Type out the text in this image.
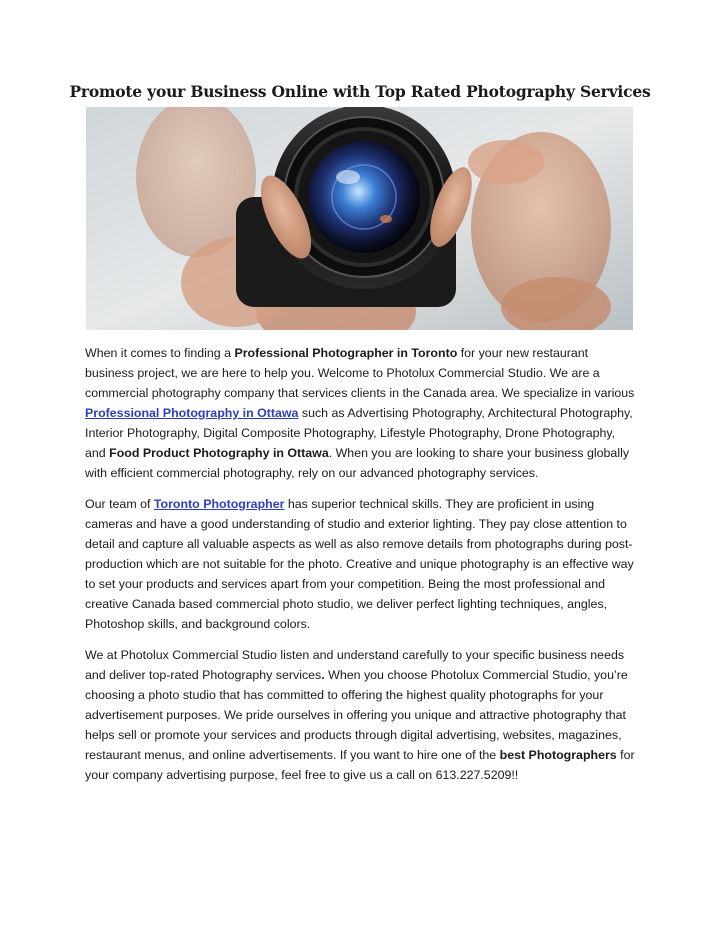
Promote your Business Online with Top Rated Photography Services

When it comes to finding a Professional Photographer in Toronto for your new restaurant business project, we are here to help you. Welcome to Photolux Commercial Studio. We are a commercial photography company that services clients in the Canada area. We specialize in various Professional Photography in Ottawa such as Advertising Photography, Architectural Photography, Interior Photography, Digital Composite Photography, Lifestyle Photography, Drone Photography, and Food Product Photography in Ottawa. When you are looking to share your business globally with efficient commercial photography, rely on our advanced photography services.

Our team of Toronto Photographer has superior technical skills. They are proficient in using cameras and have a good understanding of studio and exterior lighting. They pay close attention to detail and capture all valuable aspects as well as also remove details from photographs during post-production which are not suitable for the photo. Creative and unique photography is an effective way to set your products and services apart from your competition. Being the most professional and creative Canada based commercial photo studio, we deliver perfect lighting techniques, angles, Photoshop skills, and background colors.

We at Photolux Commercial Studio listen and understand carefully to your specific business needs and deliver top-rated Photography services. When you choose Photolux Commercial Studio, you’re choosing a photo studio that has committed to offering the highest quality photographs for your advertisement purposes. We pride ourselves in offering you unique and attractive photography that helps sell or promote your services and products through digital advertising, websites, magazines, restaurant menus, and online advertisements. If you want to hire one of the best Photographers for your company advertising purpose, feel free to give us a call on 613.227.5209!!
